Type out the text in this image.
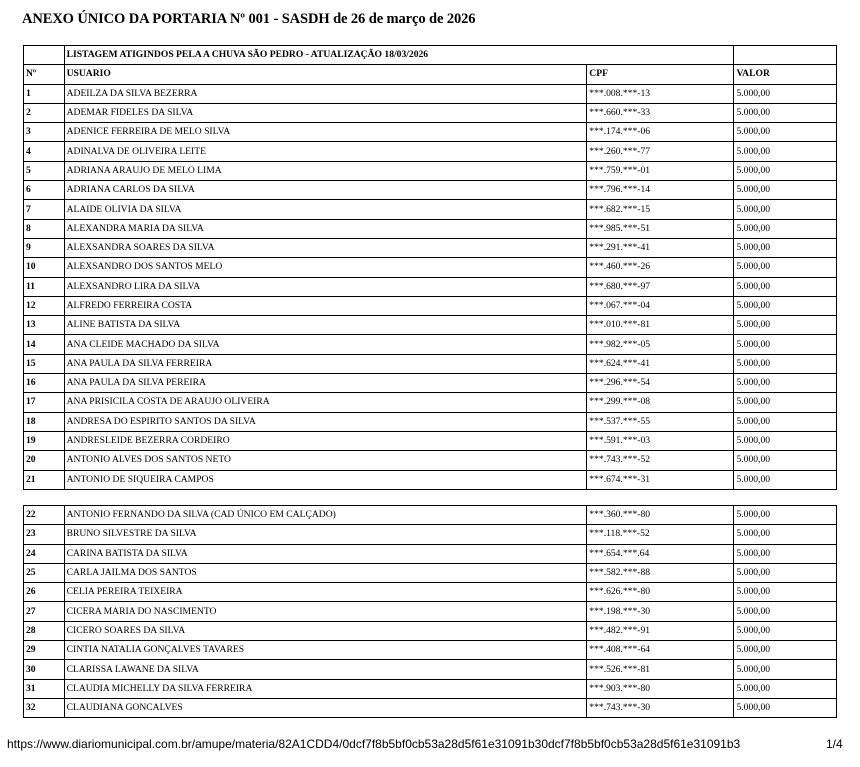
ANEXO ÚNICO DA PORTARIA Nº 001 - SASDH de 26 de março de 2026
	LISTAGEM ATIGINDOS PELA A CHUVA SÃO PEDRO - ATUALIZAÇÃO 18/03/2026		
Nº	USUARIO	CPF	VALOR
1	ADEILZA DA SILVA BEZERRA	***.008.***-13	5.000,00
2	ADEMAR FIDELES DA SILVA	***.660.***-33	5.000,00
3	ADENICE FERREIRA DE MELO SILVA	***.174.***-06	5.000,00
4	ADINALVA DE OLIVEIRA LEITE	***.260.***-77	5.000,00
5	ADRIANA ARAUJO DE MELO LIMA	***.759.***-01	5.000,00
6	ADRIANA CARLOS DA SILVA	***.796.***-14	5.000,00
7	ALAIDE OLIVIA DA SILVA	***.682.***-15	5.000,00
8	ALEXANDRA MARIA DA SILVA	***.985.***-51	5.000,00
9	ALEXSANDRA SOARES DA SILVA	***.291.***-41	5.000,00
10	ALEXSANDRO DOS SANTOS MELO	***.460.***-26	5.000,00
11	ALEXSANDRO LIRA DA SILVA	***.680.***-97	5.000,00
12	ALFREDO FERREIRA COSTA	***.067.***-04	5.000,00
13	ALINE BATISTA DA SILVA	***.010.***-81	5.000,00
14	ANA CLEIDE MACHADO DA SILVA	***.982.***-05	5.000,00
15	ANA PAULA DA SILVA FERREIRA	***.624.***-41	5.000,00
16	ANA PAULA DA SILVA PEREIRA	***.296.***-54	5.000,00
17	ANA PRISICILA COSTA DE ARAUJO OLIVEIRA	***.299.***-08	5.000,00
18	ANDRESA DO ESPIRITO SANTOS DA SILVA	***.537.***-55	5.000,00
19	ANDRESLEIDE BEZERRA CORDEIRO	***.591.***-03	5.000,00
20	ANTONIO ALVES DOS SANTOS NETO	***.743.***-52	5.000,00
21	ANTONIO DE SIQUEIRA CAMPOS	***.674.***-31	5.000,00
22	ANTONIO FERNANDO DA SILVA (CAD ÚNICO EM CALÇADO)	***.360.***-80	5.000,00
23	BRUNO SILVESTRE DA SILVA	***.118.***-52	5.000,00
24	CARINA BATISTA DA SILVA	***.654.***.64	5.000,00
25	CARLA JAILMA DOS SANTOS	***.582.***-88	5.000,00
26	CELIA PEREIRA TEIXEIRA	***.626.***-80	5.000,00
27	CICERA MARIA DO NASCIMENTO	***.198.***-30	5.000,00
28	CICERO SOARES DA SILVA	***.482.***-91	5.000,00
29	CINTIA NATALIA GONÇALVES TAVARES	***.408.***-64	5.000,00
30	CLARISSA LAWANE DA SILVA	***.526.***-81	5.000,00
31	CLAUDIA MICHELLY DA SILVA FERREIRA	***.903.***-80	5.000,00
32	CLAUDIANA GONCALVES	***.743.***-30	5.000,00
https://www.diariomunicipal.com.br/amupe/materia/82A1CDD4/0dcf7f8b5bf0cb53a28d5f61e31091b30dcf7f8b5bf0cb53a28d5f61e31091b3	1/4
